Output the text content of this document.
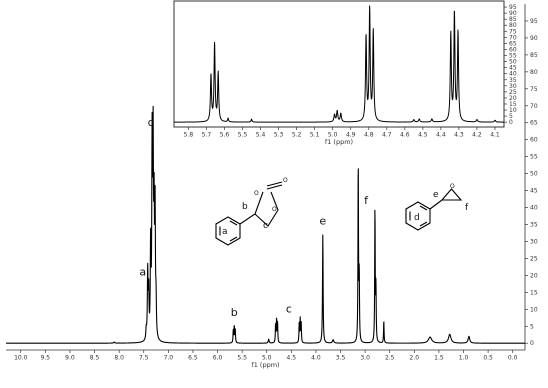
10.0 9.5	9.0	8.5	8.0	7.5	7.0	6.5	6.0	5.5	5.0	4.5	4.0	3.5	3.0	2.5	2.0	1.5	1.0	0.5	0.0
f1 (ppm)
0
5
10
15
20
25
30
35
40
45
50
55
60
65
70
75
80
85
90
95
d
a
b	c
e
f
5.8 5.7 5.6 5.5 5.4 5.3 5.2 5.1 5.0 4.9 4.8 4.7 4.6 4.5 4.4 4.3 4.2 4.1
f1 (ppm)
0
5
10
15
20
25
30
35
40
45
50
55
60
65
70
75
80
85
90
95
a
b
c
O
O
O
d
e
f
O
